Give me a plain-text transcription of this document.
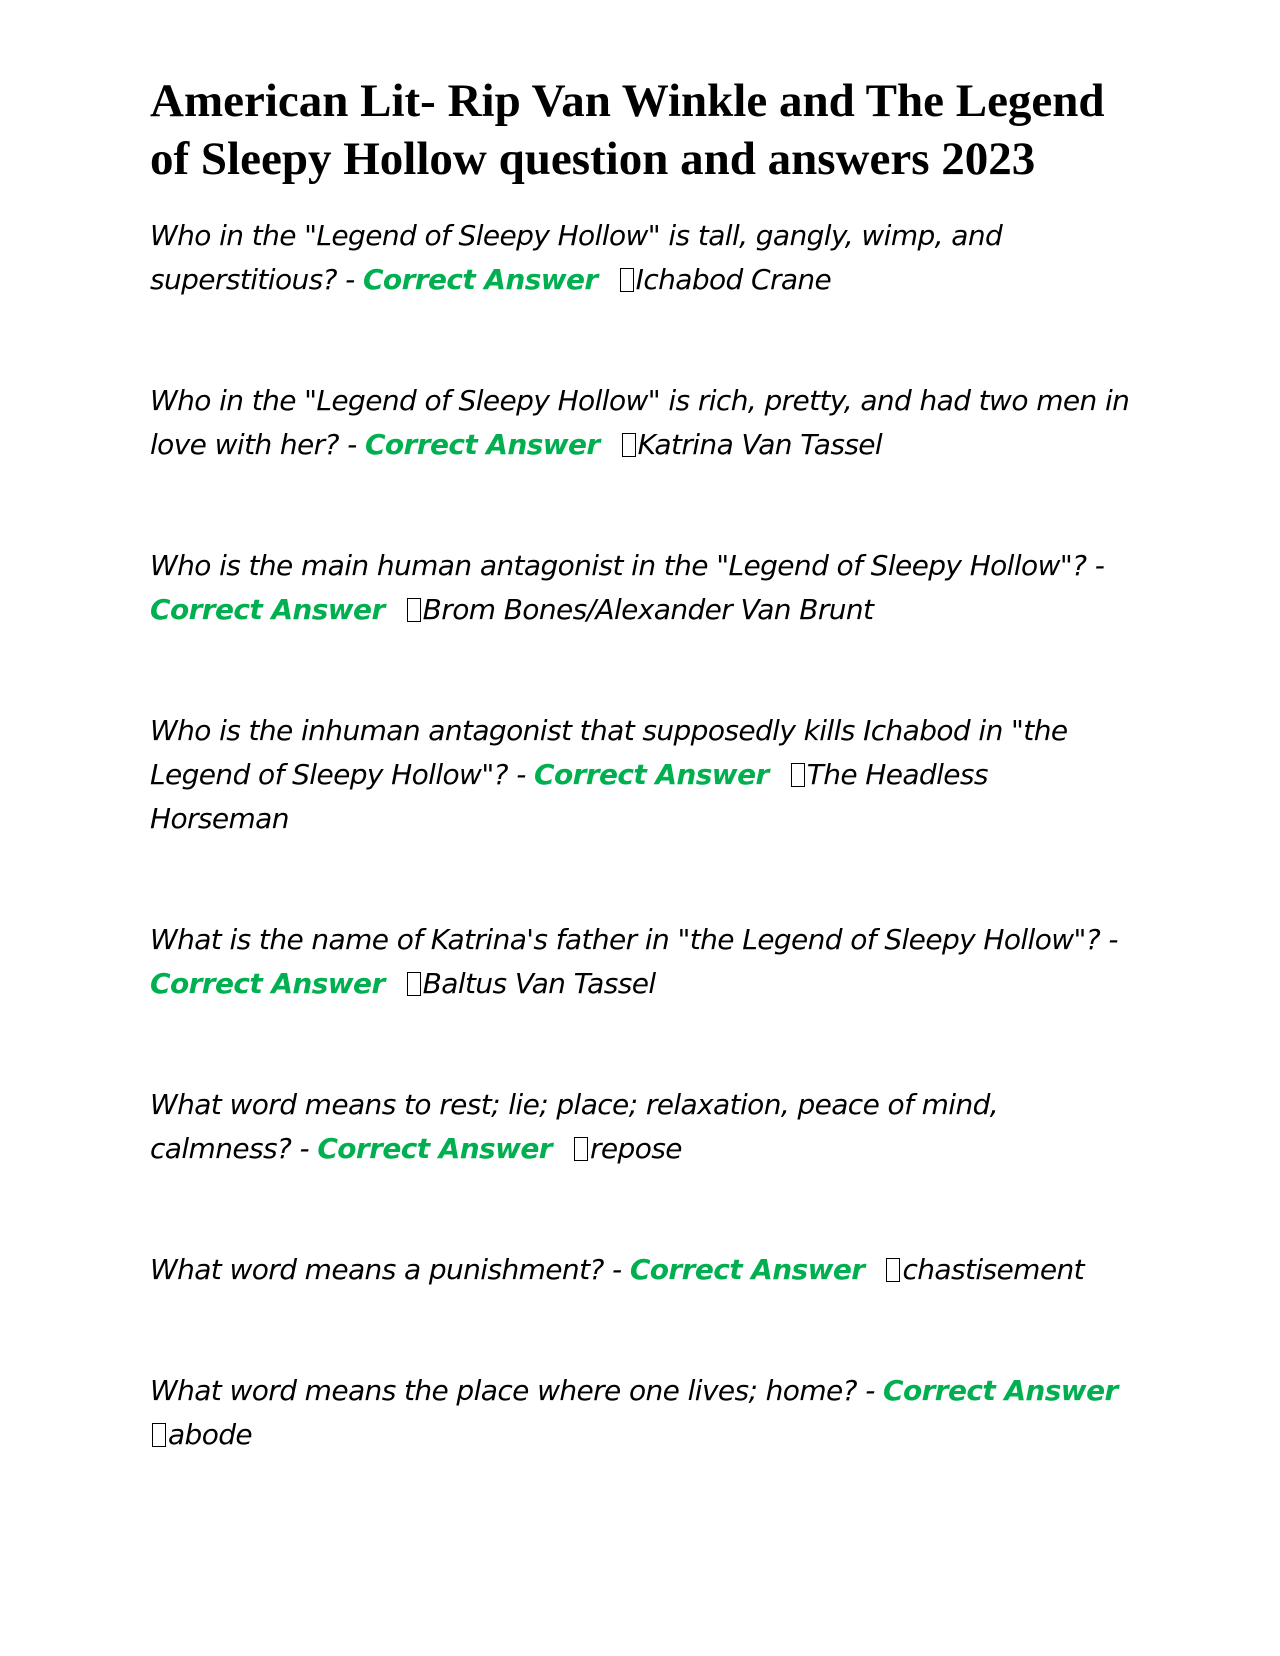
American Lit- Rip Van Winkle and The Legend of Sleepy Hollow question and answers 2023

Who in the "Legend of Sleepy Hollow" is tall, gangly, wimp, and superstitious? - Correct Answer Ichabod Crane

Who in the "Legend of Sleepy Hollow" is rich, pretty, and had two men in love with her? - Correct Answer Katrina Van Tassel

Who is the main human antagonist in the "Legend of Sleepy Hollow"? - Correct Answer Brom Bones/Alexander Van Brunt

Who is the inhuman antagonist that supposedly kills Ichabod in "the Legend of Sleepy Hollow"? - Correct Answer The Headless Horseman

What is the name of Katrina's father in "the Legend of Sleepy Hollow"? - Correct Answer Baltus Van Tassel

What word means to rest; lie; place; relaxation, peace of mind, calmness? - Correct Answer repose

What word means a punishment? - Correct Answer chastisement

What word means the place where one lives; home? - Correct Answer
abode
